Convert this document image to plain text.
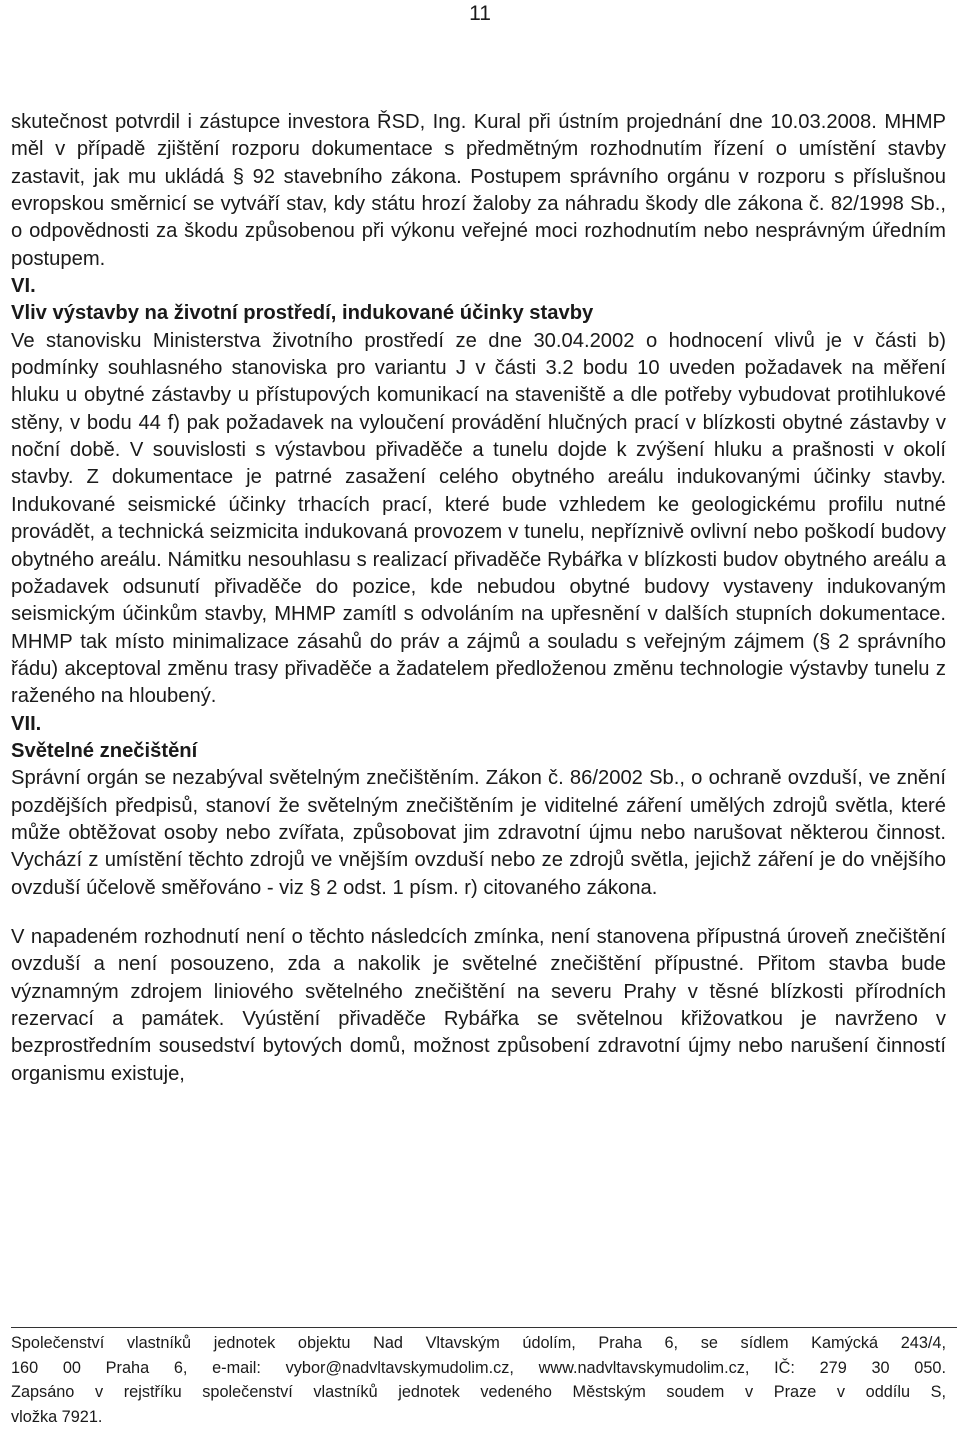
11

skutečnost potvrdil i zástupce investora ŘSD, Ing. Kural při ústním projednání dne 10.03.2008. MHMP měl v případě zjištění rozporu dokumentace s předmětným rozhodnutím řízení o umístění stavby zastavit, jak mu ukládá § 92 stavebního zákona. Postupem správního orgánu v rozporu s příslušnou evropskou směrnicí se vytváří stav, kdy státu hrozí žaloby za náhradu škody dle zákona č. 82/1998 Sb., o odpovědnosti za škodu způsobenou při výkonu veřejné moci rozhodnutím nebo nesprávným úředním postupem.

VI.

Vliv výstavby na životní prostředí, indukované účinky stavby

Ve stanovisku Ministerstva životního prostředí ze dne 30.04.2002 o hodnocení vlivů je v části b) podmínky souhlasného stanoviska pro variantu J v části 3.2 bodu 10 uveden požadavek na měření hluku u obytné zástavby u přístupových komunikací na staveniště a dle potřeby vybudovat protihlukové stěny, v bodu 44 f) pak požadavek na vyloučení provádění hlučných prací v blízkosti obytné zástavby v noční době. V souvislosti s výstavbou přivaděče a tunelu dojde k zvýšení hluku a prašnosti v okolí stavby. Z dokumentace je patrné zasažení celého obytného areálu indukovanými účinky stavby. Indukované seismické účinky trhacích prací, které bude vzhledem ke geologickému profilu nutné provádět, a technická seizmicita indukovaná provozem v tunelu, nepříznivě ovlivní nebo poškodí budovy obytného areálu. Námitku nesouhlasu s realizací přivaděče Rybářka v blízkosti budov obytného areálu a požadavek odsunutí přivaděče do pozice, kde nebudou obytné budovy vystaveny indukovaným seismickým účinkům stavby, MHMP zamítl s odvoláním na upřesnění v dalších stupních dokumentace. MHMP tak místo minimalizace zásahů do práv a zájmů a souladu s veřejným zájmem (§ 2 správního řádu) akceptoval změnu trasy přivaděče a žadatelem předloženou změnu technologie výstavby tunelu z raženého na hloubený.

VII.

Světelné znečištění

Správní orgán se nezabýval světelným znečištěním. Zákon č. 86/2002 Sb., o ochraně ovzduší, ve znění pozdějších předpisů, stanoví že světelným znečištěním je viditelné záření umělých zdrojů světla, které může obtěžovat osoby nebo zvířata, způsobovat jim zdravotní újmu nebo narušovat některou činnost. Vychází z umístění těchto zdrojů ve vnějším ovzduší nebo ze zdrojů světla, jejichž záření je do vnějšího ovzduší účelově směřováno - viz § 2 odst. 1 písm. r) citovaného zákona.

V napadeném rozhodnutí není o těchto následcích zmínka, není stanovena přípustná úroveň znečištění ovzduší a není posouzeno, zda a nakolik je světelné znečištění přípustné. Přitom stavba bude významným zdrojem liniového světelného znečištění na severu Prahy v těsné blízkosti přírodních rezervací a památek. Vyústění přivaděče Rybářka se světelnou křižovatkou je navrženo v bezprostředním sousedství bytových domů, možnost způsobení zdravotní újmy nebo narušení činností organismu existuje,

Společenství vlastníků jednotek objektu Nad Vltavským údolím, Praha 6, se sídlem Kamýcká 243/4,

160 00 Praha 6, e-mail: vybor@nadvltavskymudolim.cz, www.nadvltavskymudolim.cz, IČ: 279 30 050.

Zapsáno v rejstříku společenství vlastníků jednotek vedeného Městským soudem v Praze v oddílu S,

vložka 7921.
